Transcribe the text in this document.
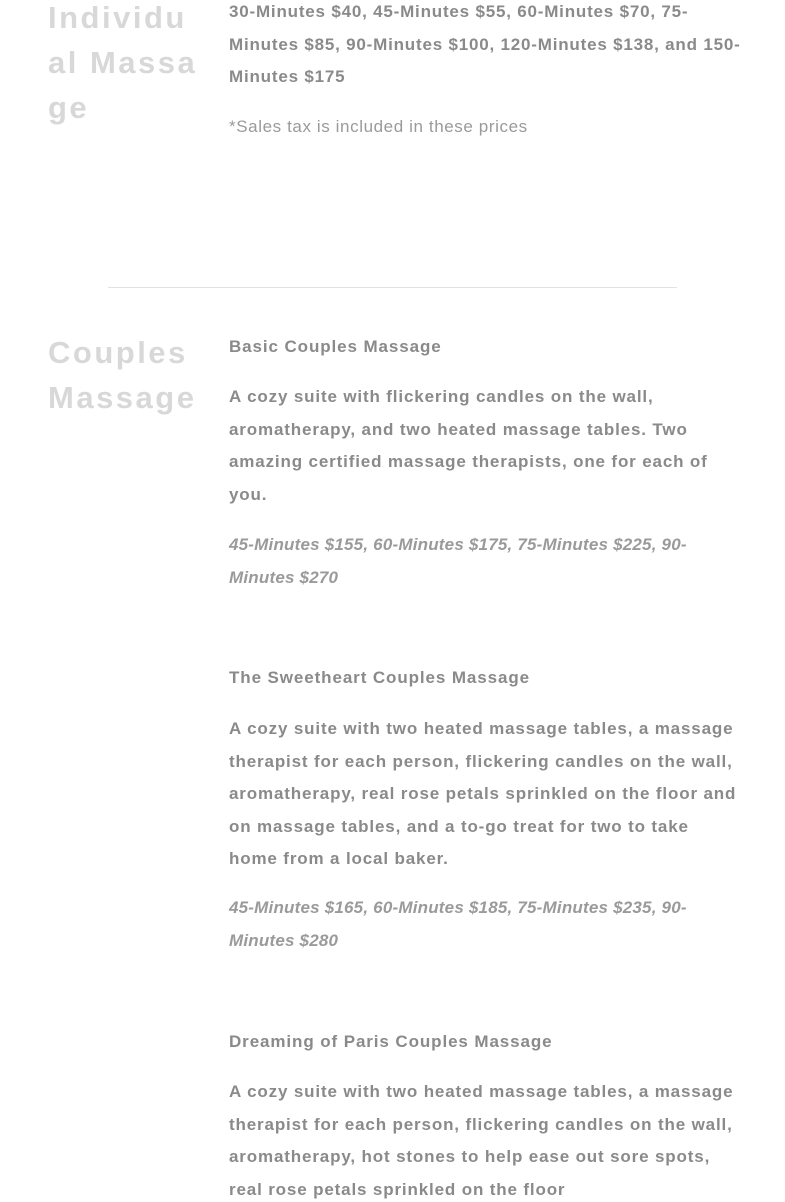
Individual Massage

30-Minutes $40, 45-Minutes $55, 60-Minutes $70, 75-Minutes $85, 90-Minutes $100, 120-Minutes $138, and 150-Minutes $175

*Sales tax is included in these prices

Couples Massage
Basic Couples Massage

A cozy suite with flickering candles on the wall, aromatherapy, and two heated massage tables. Two amazing certified massage therapists, one for each of you.

45-Minutes $155, 60-Minutes $175, 75-Minutes $225, 90-Minutes $270

The Sweetheart Couples Massage

A cozy suite with two heated massage tables, a massage therapist for each person, flickering candles on the wall, aromatherapy, real rose petals sprinkled on the floor and on massage tables, and a to-go treat for two to take home from a local baker.

45-Minutes $165, 60-Minutes $185, 75-Minutes $235, 90-Minutes $280

Dreaming of Paris Couples Massage

A cozy suite with two heated massage tables, a massage therapist for each person, flickering candles on the wall, aromatherapy, hot stones to help ease out sore spots, real rose petals sprinkled on the floor
